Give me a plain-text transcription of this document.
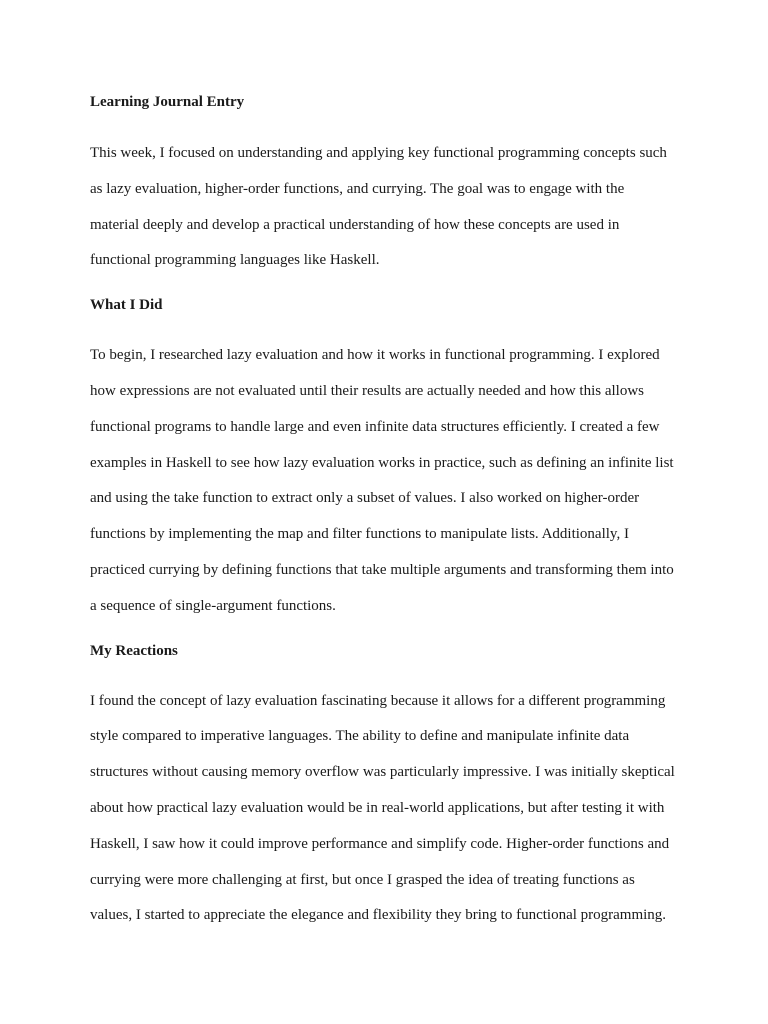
Learning Journal Entry

This week, I focused on understanding and applying key functional programming concepts such
as lazy evaluation, higher-order functions, and currying. The goal was to engage with the
material deeply and develop a practical understanding of how these concepts are used in
functional programming languages like Haskell.

What I Did

To begin, I researched lazy evaluation and how it works in functional programming. I explored
how expressions are not evaluated until their results are actually needed and how this allows
functional programs to handle large and even infinite data structures efficiently. I created a few
examples in Haskell to see how lazy evaluation works in practice, such as defining an infinite list
and using the take function to extract only a subset of values. I also worked on higher-order
functions by implementing the map and filter functions to manipulate lists. Additionally, I
practiced currying by defining functions that take multiple arguments and transforming them into
a sequence of single-argument functions.

My Reactions

I found the concept of lazy evaluation fascinating because it allows for a different programming
style compared to imperative languages. The ability to define and manipulate infinite data
structures without causing memory overflow was particularly impressive. I was initially skeptical
about how practical lazy evaluation would be in real-world applications, but after testing it with
Haskell, I saw how it could improve performance and simplify code. Higher-order functions and
currying were more challenging at first, but once I grasped the idea of treating functions as
values, I started to appreciate the elegance and flexibility they bring to functional programming.
